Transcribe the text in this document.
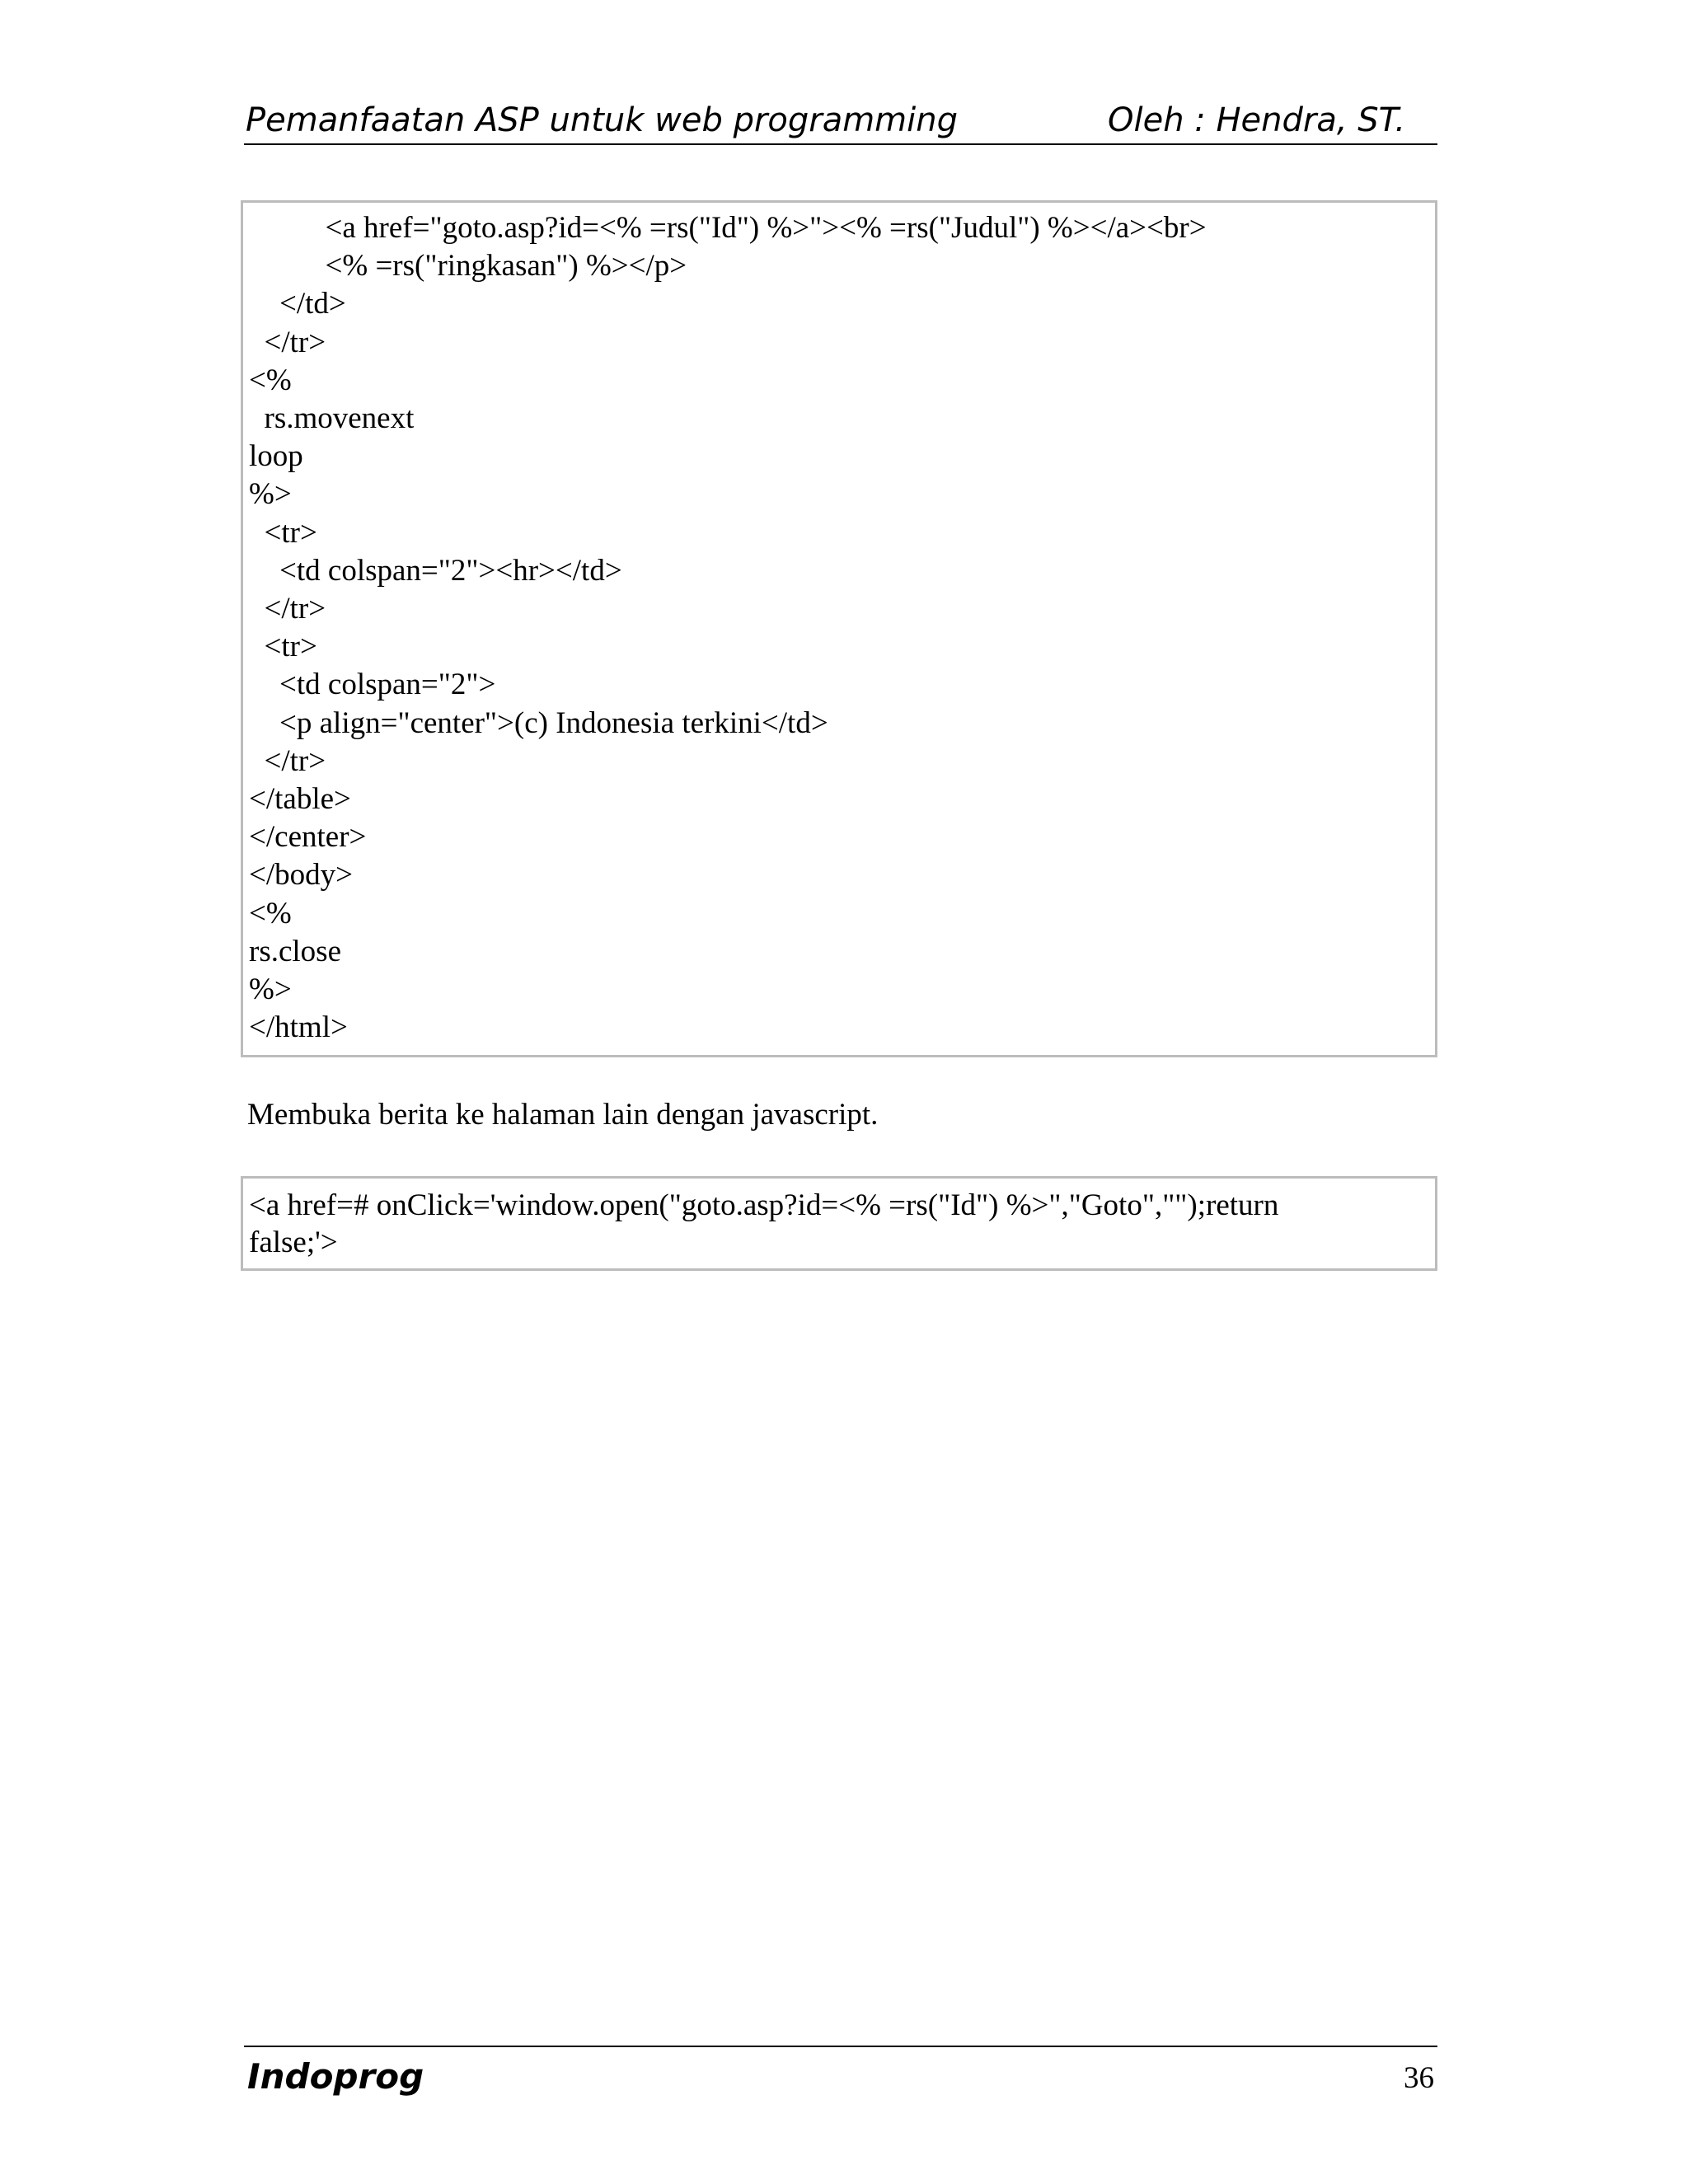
Pemanfaatan ASP untuk web programming	Oleh : Hendra, ST.
<a href="goto.asp?id=<% =rs("Id") %>"><% =rs("Judul") %></a><br>
<% =rs("ringkasan") %></p>
</td>
</tr>
<%
rs.movenext
loop
%>
<tr>
<td colspan="2"><hr></td>
</tr>
<tr>
<td colspan="2">
<p align="center">(c) Indonesia terkini</td>
</tr>
</table>
</center>
</body>
<%
rs.close
%>
</html>
Membuka berita ke halaman lain dengan javascript.
<a href=# onClick='window.open("goto.asp?id=<% =rs("Id") %>","Goto","");return
false;'>
Indoprog	36
